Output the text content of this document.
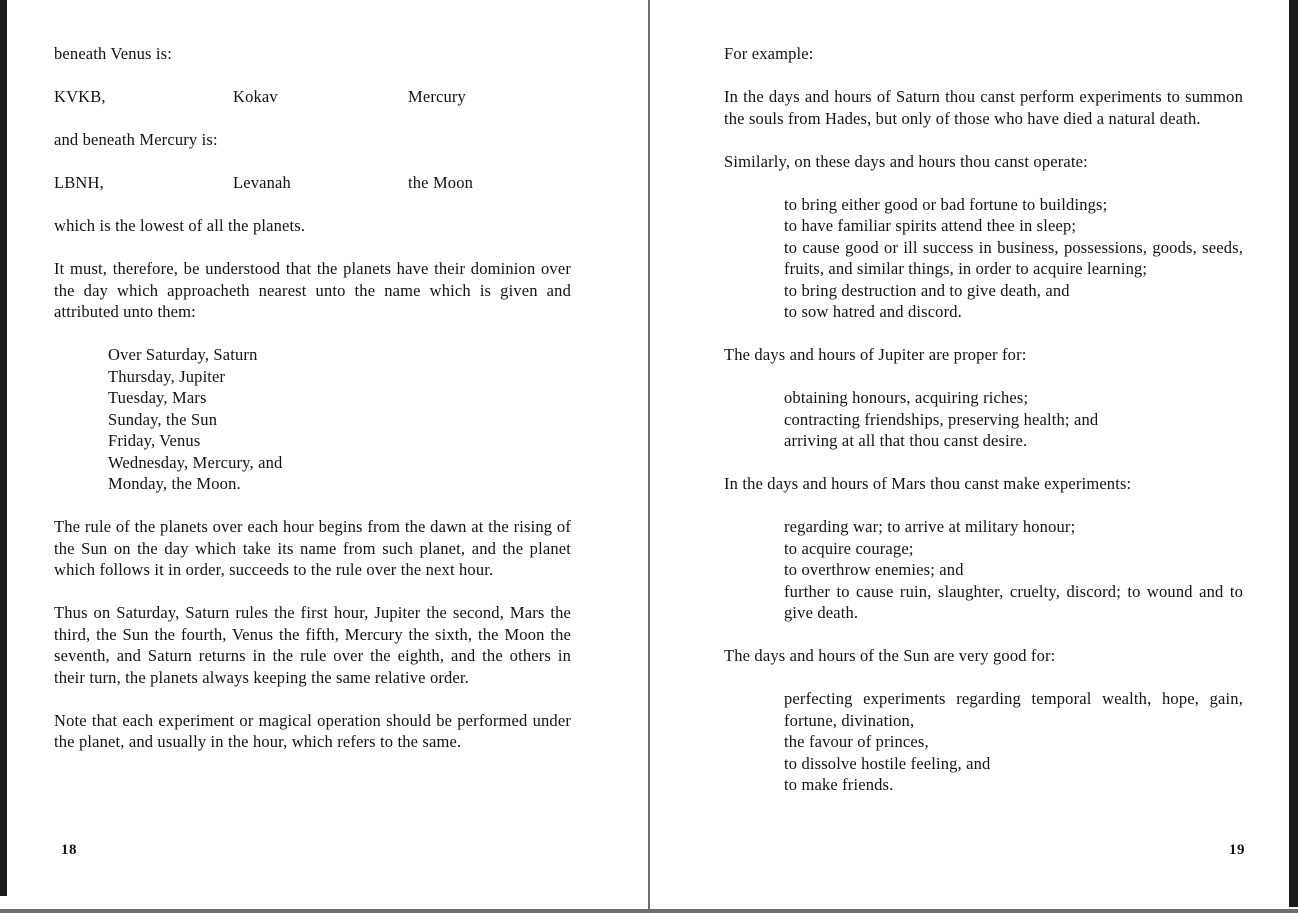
beneath Venus is:
KVKB,	Kokav	Mercury
and beneath Mercury is:
LBNH,	Levanah	the Moon
which is the lowest of all the planets.
It must, therefore, be understood that the planets have their dominion over the day which approacheth nearest unto the name which is given and attributed unto them:
Over Saturday, Saturn
Thursday, Jupiter
Tuesday, Mars
Sunday, the Sun
Friday, Venus
Wednesday, Mercury, and
Monday, the Moon.
The rule of the planets over each hour begins from the dawn at the rising of the Sun on the day which take its name from such planet, and the planet which follows it in order, succeeds to the rule over the next hour.
Thus on Saturday, Saturn rules the first hour, Jupiter the second, Mars the third, the Sun the fourth, Venus the fifth, Mercury the sixth, the Moon the seventh, and Saturn returns in the rule over the eighth, and the others in their turn, the planets always keeping the same relative order.
Note that each experiment or magical operation should be performed under the planet, and usually in the hour, which refers to the same.
18
For example:
In the days and hours of Saturn thou canst perform experiments to summon the souls from Hades, but only of those who have died a natural death.
Similarly, on these days and hours thou canst operate:
to bring either good or bad fortune to buildings;
to have familiar spirits attend thee in sleep;
to cause good or ill success in business, possessions, goods, seeds, fruits, and similar things, in order to acquire learning;
to bring destruction and to give death, and
to sow hatred and discord.
The days and hours of Jupiter are proper for:
obtaining honours, acquiring riches;
contracting friendships, preserving health; and
arriving at all that thou canst desire.
In the days and hours of Mars thou canst make experiments:
regarding war; to arrive at military honour;
to acquire courage;
to overthrow enemies; and
further to cause ruin, slaughter, cruelty, discord; to wound and to give death.
The days and hours of the Sun are very good for:
perfecting experiments regarding temporal wealth, hope, gain, fortune, divination,
the favour of princes,
to dissolve hostile feeling, and
to make friends.
19
